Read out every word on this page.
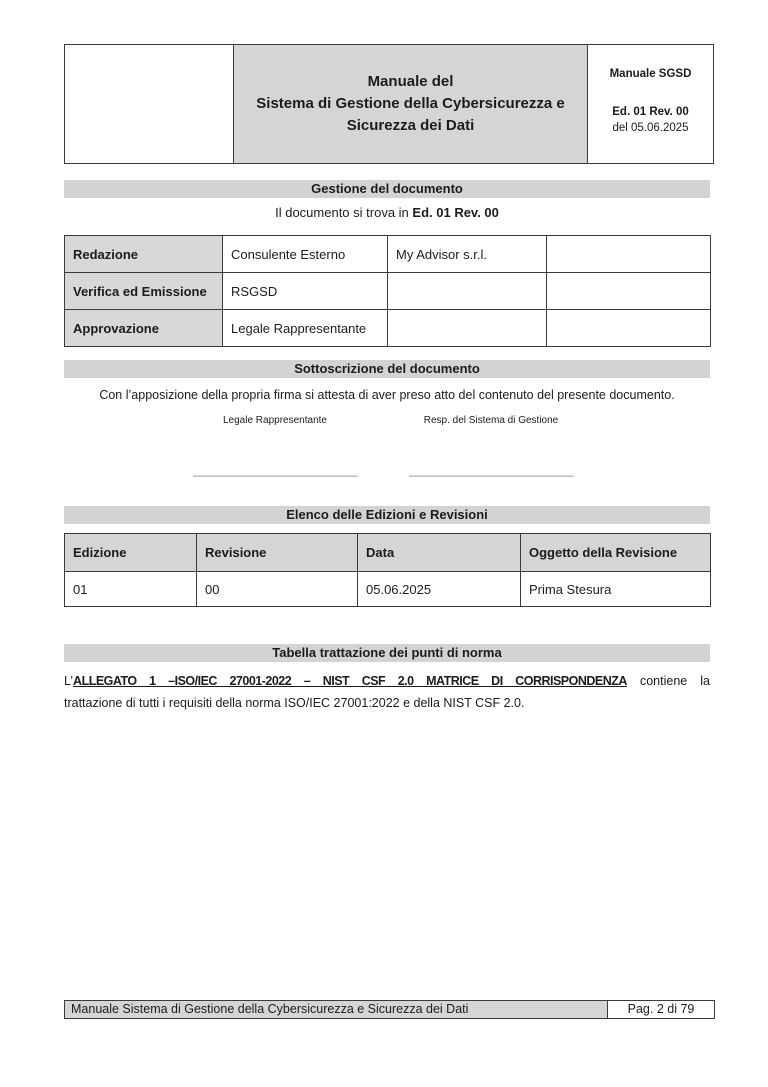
Manuale del
Sistema di Gestione della Cybersicurezza e
Sicurezza dei Dati

Manuale SGSD
Ed. 01 Rev. 00
del 05.06.2025
Gestione del documento
Il documento si trova in Ed. 01 Rev. 00
Redazione	Consulente Esterno	My Advisor s.r.l.	
Verifica ed Emissione	RSGSD		
Approvazione	Legale Rappresentante		
Sottoscrizione del documento
Con l’apposizione della propria firma si attesta di aver preso atto del contenuto del presente documento.
Legale Rappresentante	Resp. del Sistema di Gestione
_________________________	_________________________
Elenco delle Edizioni e Revisioni
Edizione	Revisione	Data	Oggetto della Revisione
01	00	05.06.2025	Prima Stesura
Tabella trattazione dei punti di norma
L’ALLEGATO 1 –ISO/IEC 27001-2022 – NIST CSF 2.0 MATRICE DI CORRISPONDENZA contiene la
trattazione di tutti i requisiti della norma ISO/IEC 27001:2022 e della NIST CSF 2.0.
Manuale Sistema di Gestione della Cybersicurezza e Sicurezza dei Dati	Pag. 2 di 79
